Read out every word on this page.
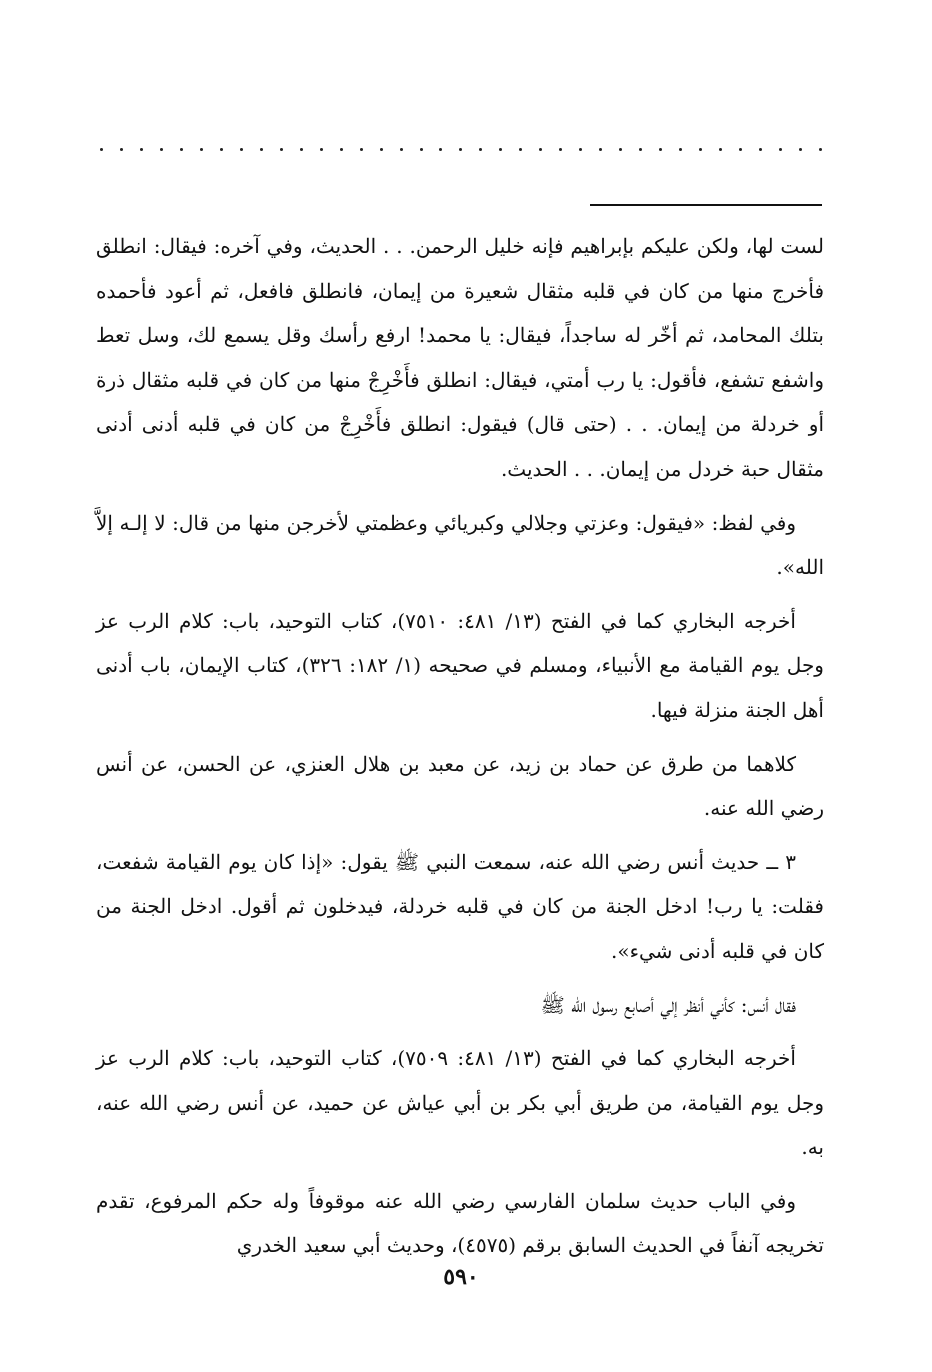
لست لها، ولكن عليكم بإبراهيم فإنه خليل الرحمن. . . الحديث، وفي آخره: فيقال: انطلق فأخرج منها من كان في قلبه مثقال شعيرة من إيمان، فانطلق فافعل، ثم أعود فأحمده بتلك المحامد، ثم أخّر له ساجداً، فيقال: يا محمد! ارفع رأسك وقل يسمع لك، وسل تعط واشفع تشفع، فأقول: يا رب أمتي، فيقال: انطلق فأَخْرِجْ منها من كان في قلبه مثقال ذرة أو خردلة من إيمان. . . (حتى قال) فيقول: انطلق فأَخْرِجْ من كان في قلبه أدنى أدنى مثقال حبة خردل من إيمان. . . الحديث.

وفي لفظ: «فيقول: وعزتي وجلالي وكبريائي وعظمتي لأخرجن منها من قال: لا إلـه إلاَّ الله».

أخرجه البخاري كما في الفتح (١٣/ ٤٨١: ٧٥١٠)، كتاب التوحيد، باب: كلام الرب عز وجل يوم القيامة مع الأنبياء، ومسلم في صحيحه (١/ ١٨٢: ٣٢٦)، كتاب الإيمان، باب أدنى أهل الجنة منزلة فيها.

كلاهما من طرق عن حماد بن زيد، عن معبد بن هلال العنزي، عن الحسن، عن أنس رضي الله عنه.

٣ ــ حديث أنس رضي الله عنه، سمعت النبي ﷺ يقول: «إذا كان يوم القيامة شفعت، فقلت: يا رب! ادخل الجنة من كان في قلبه خردلة، فيدخلون ثم أقول. ادخل الجنة من كان في قلبه أدنى شيء».

فقال أنس: كأني أنظر إلي أصابع رسول الله ﷺ

أخرجه البخاري كما في الفتح (١٣/ ٤٨١: ٧٥٠٩)، كتاب التوحيد، باب: كلام الرب عز وجل يوم القيامة، من طريق أبي بكر بن أبي عياش عن حميد، عن أنس رضي الله عنه، به.

وفي الباب حديث سلمان الفارسي رضي الله عنه موقوفاً وله حكم المرفوع، تقدم تخريجه آنفاً في الحديث السابق برقم (٤٥٧٥)، وحديث أبي سعيد الخدري

٥٩٠
